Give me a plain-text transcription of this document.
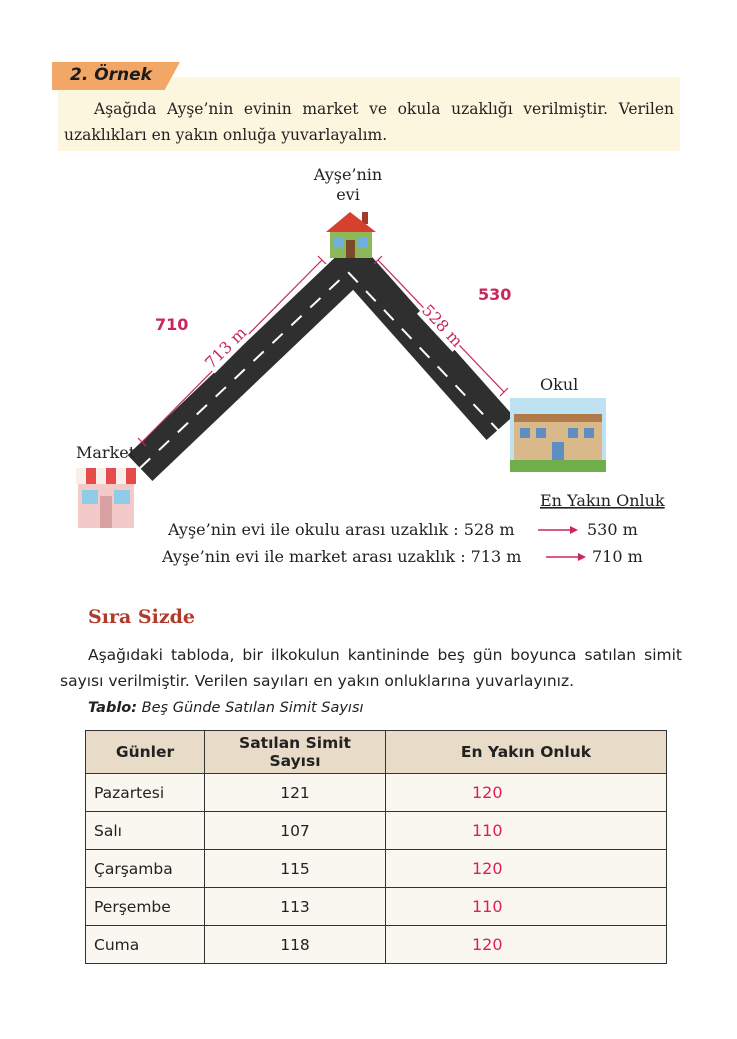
2. Örnek
Aşağıda Ayşe’nin evinin market ve okula uzaklığı verilmiştir. Verilen uzaklıkları en yakın onluğa yuvarlayalım.
713 m	528 m
710
530
Ayşe’nin
evi
Okul
Market
En Yakın Onluk
Ayşe’nin evi ile okulu arası uzaklık : 528 m	530 m
Ayşe’nin evi ile market arası uzaklık : 713 m	710 m
Sıra Sizde
Aşağıdaki tabloda, bir ilkokulun kantininde beş gün boyunca satılan simit sayısı verilmiştir. Verilen sayıları en yakın onluklarına yuvarlayınız.
Tablo: Beş Günde Satılan Simit Sayısı
Günler	Satılan Simit Sayısı	En Yakın Onluk
Pazartesi	121	120
Salı	107	110
Çarşamba	115	120
Perşembe	113	110
Cuma	118	120
